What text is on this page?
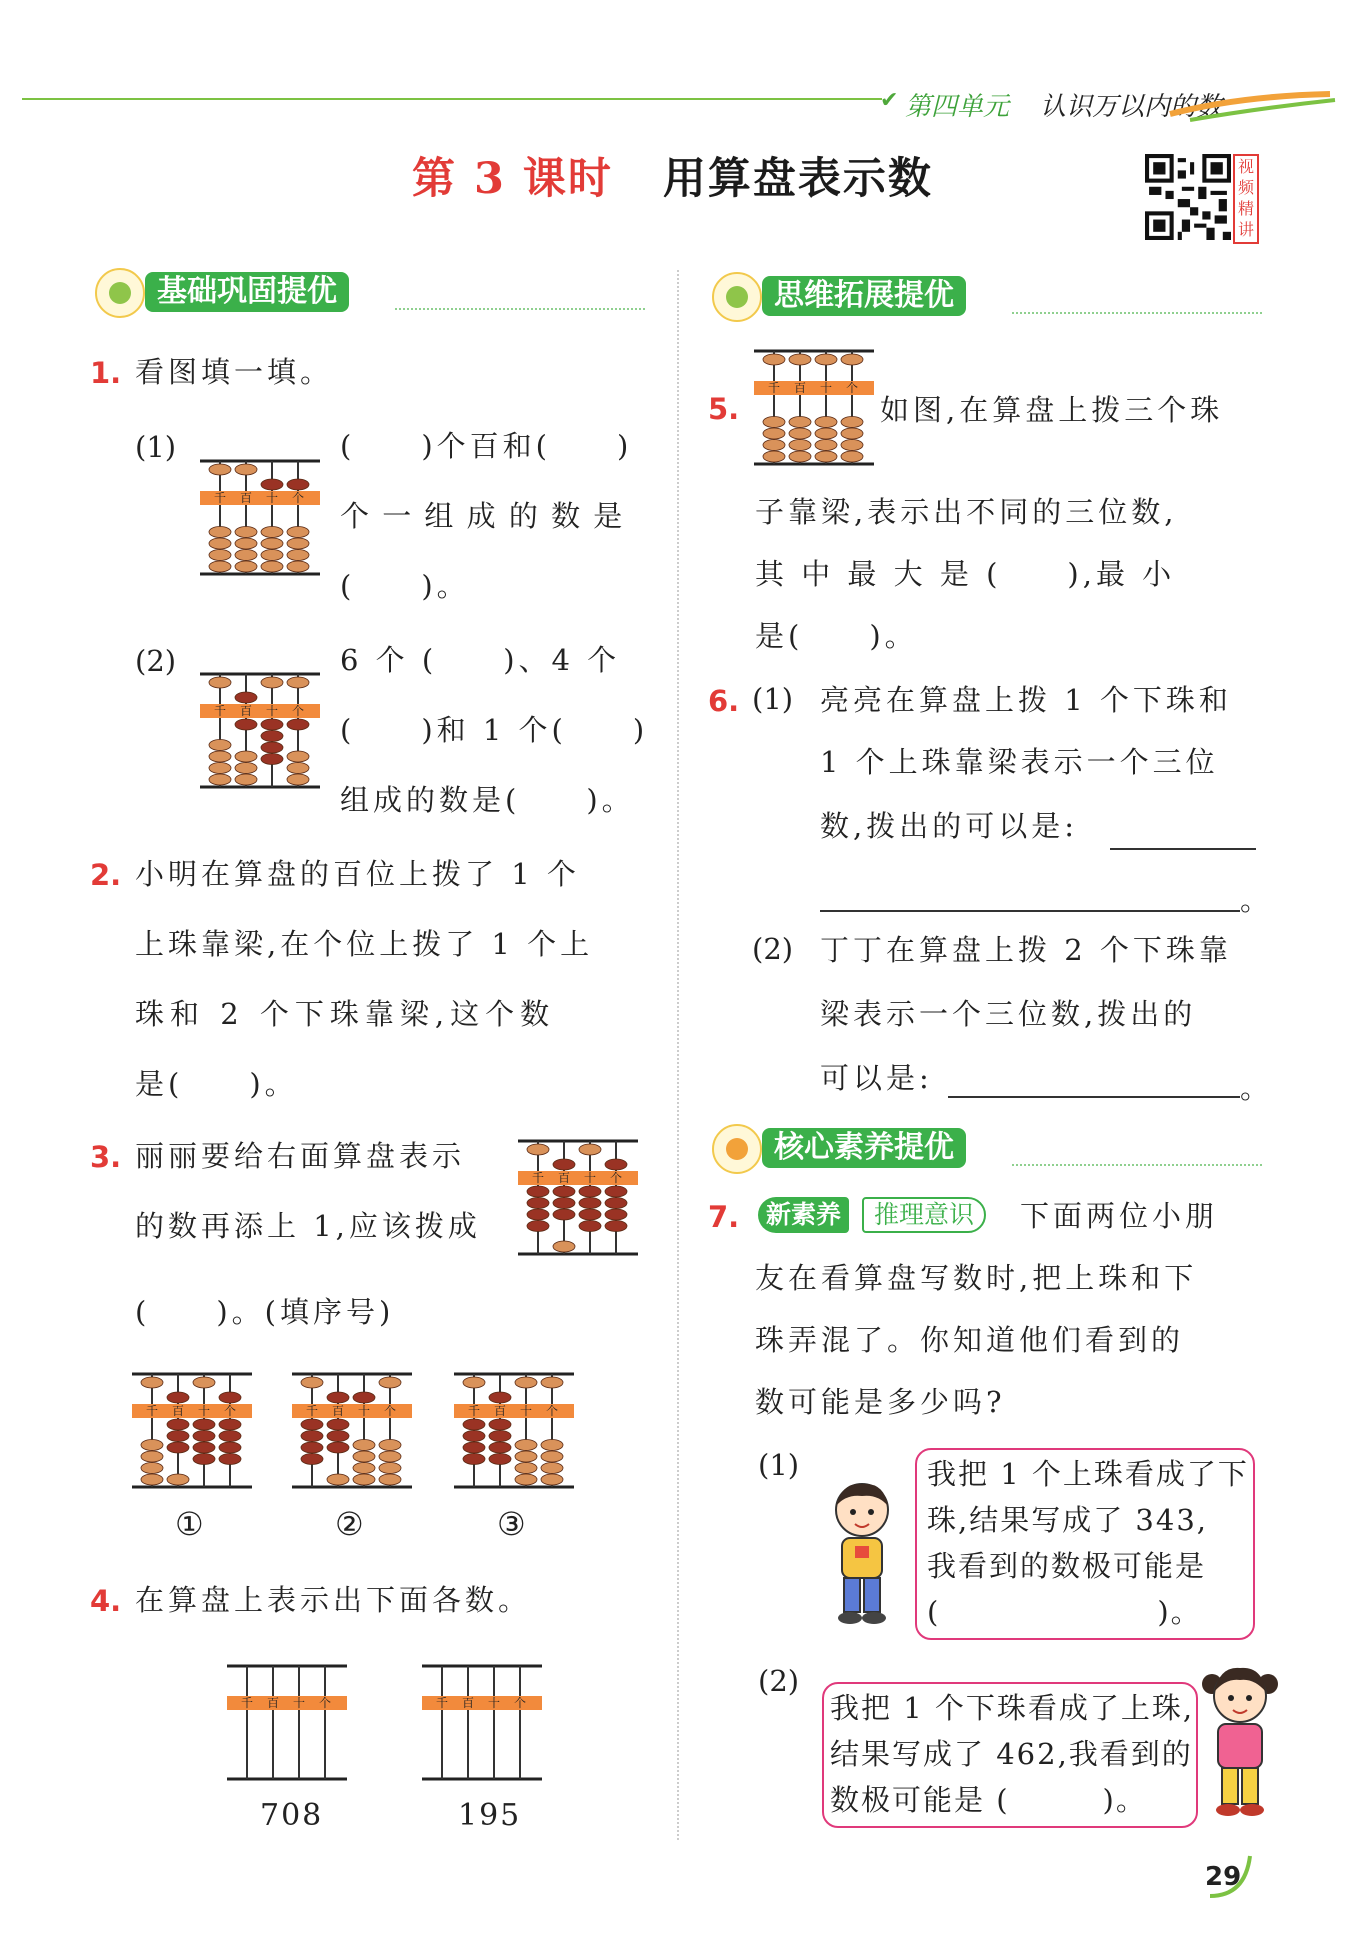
✔ 第四单元 认识万以内的数
第 3 课时 用算盘表示数	视频精讲
基础巩固提优
1. 看图填一填。
(1)
千 百 十 个
(　　)个百和(　　)
个 一 组 成 的 数 是
(　　)。
(2)
千 百 十 个
6 个 (　　)、4 个
(　　)和 1 个(　　)
组成的数是(　　)。
2. 小明在算盘的百位上拨了 1 个
上珠靠梁,在个位上拨了 1 个上
珠和 2 个下珠靠梁,这个数
是(　　)。
3. 丽丽要给右面算盘表示
的数再添上 1,应该拨成
千 百 十 个
(　　)。(填序号)
千 百 十 个	千 百 十 个	千 百 十 个
①	②	③
4. 在算盘上表示出下面各数。
千 百 十 个	千 百 十 个
708	195
思维拓展提优
千 百 十 个
5.	如图,在算盘上拨三个珠
子靠梁,表示出不同的三位数,
其 中 最 大 是 (　　),最 小
是(　　)。
6. (1) 亮亮在算盘上拨 1 个下珠和
1 个上珠靠梁表示一个三位
数,拨出的可以是:
。
(2) 丁丁在算盘上拨 2 个下珠靠
梁表示一个三位数,拨出的
可以是:	。
核心素养提优
7.	新素养	推理意识	下面两位小朋
友在看算盘写数时,把上珠和下
珠弄混了。你知道他们看到的
数可能是多少吗?
(1)	我把 1 个上珠看成了下
珠,结果写成了 343,
我看到的数极可能是
(　　　　　　　)。
(2)
我把 1 个下珠看成了上珠,
结果写成了 462,我看到的
数极可能是 (　　　)。
29
